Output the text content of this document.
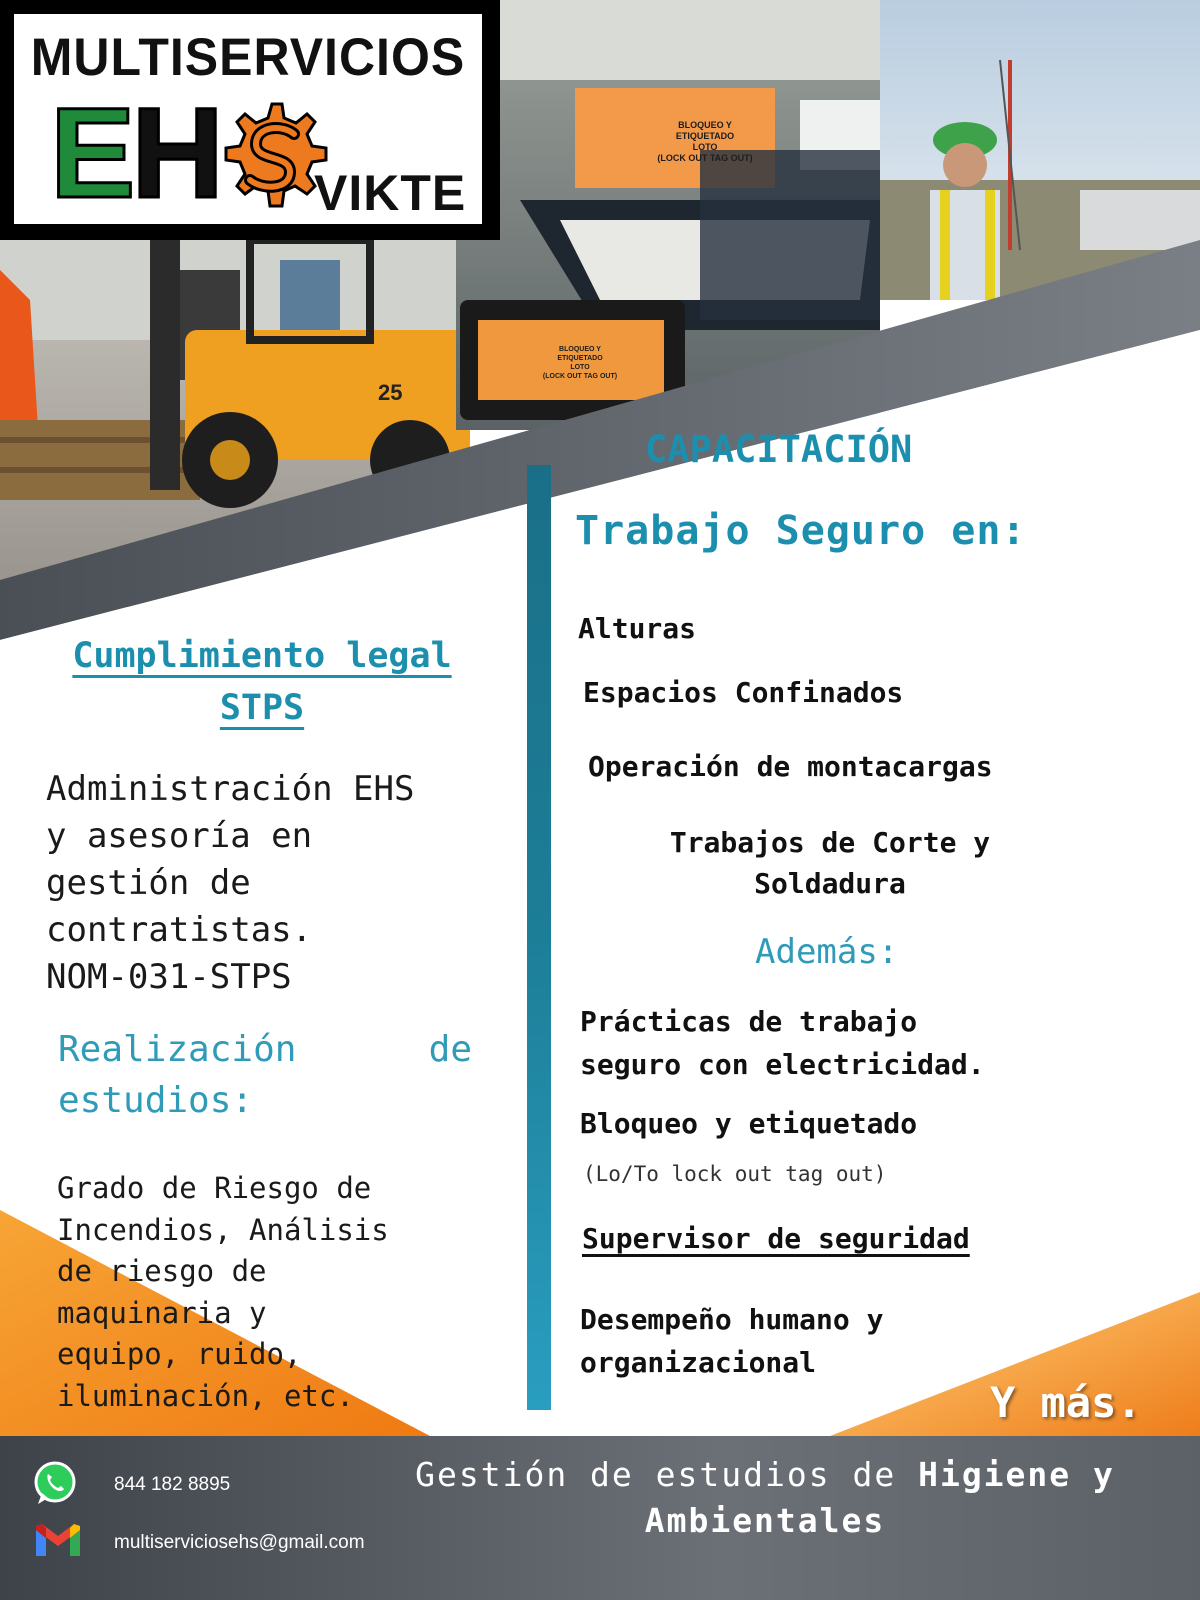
25
MULTISERVICIOS
EH VIKTE
BLOQUEO Y
ETIQUETADO
LOTO
(LOCK OUT TAG OUT)
BLOQUEO Y
ETIQUETADO
LOTO
(LOCK OUT TAG OUT)
CAPACITACIÓN
Trabajo Seguro en:
Alturas
Espacios Confinados
Operación de montacargas
Trabajos de Corte y
Soldadura
Además:
Prácticas de trabajo
seguro con electricidad.
Bloqueo y etiquetado
(Lo/To lock out tag out)
Supervisor de seguridad
Desempeño humano y
organizacional
Y más.
Cumplimiento legal
STPS
Administración EHS
y asesoría en
gestión de
contratistas.
NOM-031-STPS
Realización	de
estudios:
Grado de Riesgo de
Incendios, Análisis
de riesgo de
maquinaria y
equipo, ruido,
iluminación, etc.
844 182 8895
multiserviciosehs@gmail.com
Gestión de estudios de Higiene y
Ambientales
